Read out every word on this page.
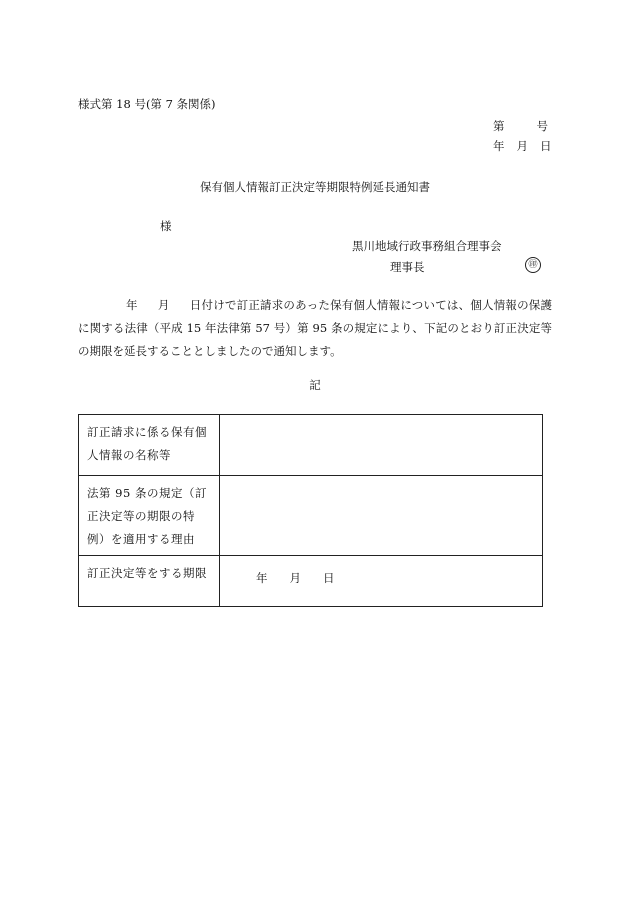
様式第 18 号(第 7 条関係)
第	号
年 月 日
保有個人情報訂正決定等期限特例延長通知書
様
黒川地域行政事務組合理事会
理事長	㊞
年 月 日付けで訂正請求のあった保有個人情報については、個人情報の保護に関する法律（平成 15 年法律第 57 号）第 95 条の規定により、下記のとおり訂正決定等の期限を延長することとしましたので通知します。
記
訂正請求に係る保有個人情報の名称等	
法第 95 条の規定（訂正決定等の期限の特例）を適用する理由	
訂正決定等をする期限	年 月 日
